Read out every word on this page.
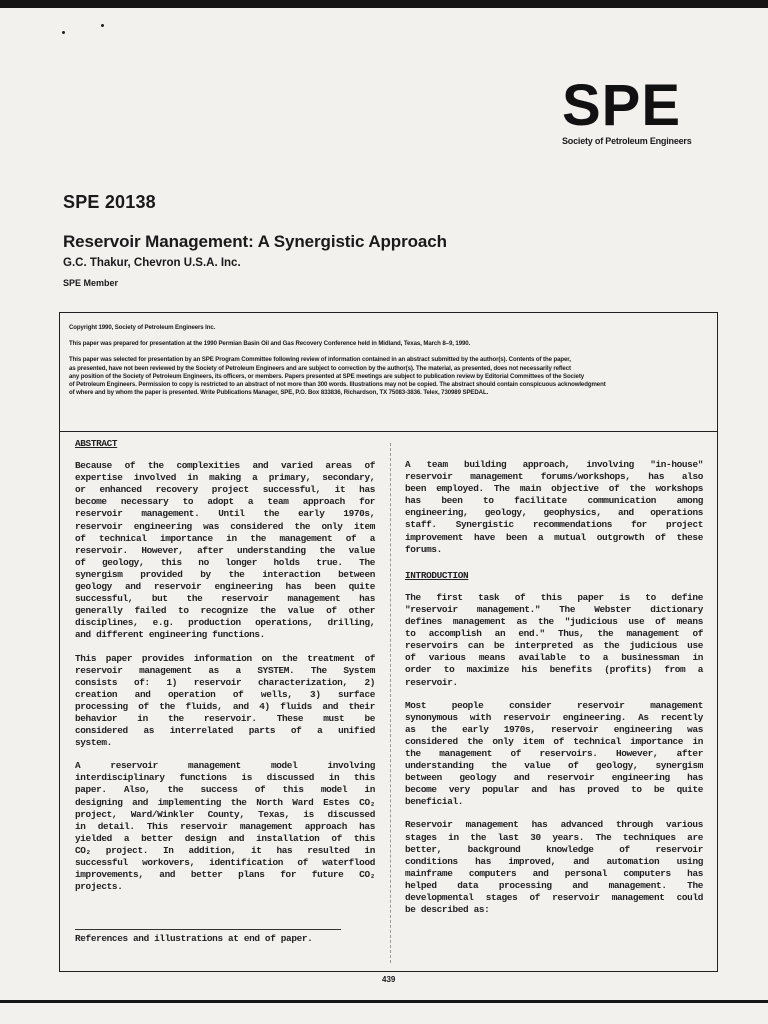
SPE
Society of Petroleum Engineers
SPE 20138
Reservoir Management: A Synergistic Approach
G.C. Thakur, Chevron U.S.A. Inc.
SPE Member

Copyright 1990, Society of Petroleum Engineers Inc.

This paper was prepared for presentation at the 1990 Permian Basin Oil and Gas Recovery Conference held in Midland, Texas, March 8–9, 1990.

This paper was selected for presentation by an SPE Program Committee following review of information contained in an abstract submitted by the author(s). Contents of the paper,
as presented, have not been reviewed by the Society of Petroleum Engineers and are subject to correction by the author(s). The material, as presented, does not necessarily reflect
any position of the Society of Petroleum Engineers, its officers, or members. Papers presented at SPE meetings are subject to publication review by Editorial Committees of the Society
of Petroleum Engineers. Permission to copy is restricted to an abstract of not more than 300 words. Illustrations may not be copied. The abstract should contain conspicuous acknowledgment
of where and by whom the paper is presented. Write Publications Manager, SPE, P.O. Box 833836, Richardson, TX 75083-3836. Telex, 730989 SPEDAL.

ABSTRACT

Because of the complexities and varied areas of
expertise involved in making a primary, secondary,
or enhanced recovery project successful, it has
become necessary to adopt a team approach for
reservoir management. Until the early 1970s,
reservoir engineering was considered the only item
of technical importance in the management of a
reservoir. However, after understanding the value
of geology, this no longer holds true. The
synergism provided by the interaction between
geology and reservoir engineering has been quite
successful, but the reservoir management has
generally failed to recognize the value of other
disciplines, e.g. production operations, drilling,
and different engineering functions.

This paper provides information on the treatment of
reservoir management as a SYSTEM. The System
consists of: 1) reservoir characterization, 2)
creation and operation of wells, 3) surface
processing of the fluids, and 4) fluids and their
behavior in the reservoir. These must be
considered as interrelated parts of a unified
system.

A reservoir management model involving
interdisciplinary functions is discussed in this
paper. Also, the success of this model in
designing and implementing the North Ward Estes CO₂
project, Ward/Winkler County, Texas, is discussed
in detail. This reservoir management approach has
yielded a better design and installation of this
CO₂ project. In addition, it has resulted in
successful workovers, identification of waterflood
improvements, and better plans for future CO₂
projects.

References and illustrations at end of paper.

A team building approach, involving "in-house"
reservoir management forums/workshops, has also
been employed. The main objective of the workshops
has been to facilitate communication among
engineering, geology, geophysics, and operations
staff. Synergistic recommendations for project
improvement have been a mutual outgrowth of these
forums.

INTRODUCTION

The first task of this paper is to define
"reservoir management." The Webster dictionary
defines management as the "judicious use of means
to accomplish an end." Thus, the management of
reservoirs can be interpreted as the judicious use
of various means available to a businessman in
order to maximize his benefits (profits) from a
reservoir.

Most people consider reservoir management
synonymous with reservoir engineering. As recently
as the early 1970s, reservoir engineering was
considered the only item of technical importance in
the management of reservoirs. However, after
understanding the value of geology, synergism
between geology and reservoir engineering has
become very popular and has proved to be quite
beneficial.

Reservoir management has advanced through various
stages in the last 30 years. The techniques are
better, background knowledge of reservoir
conditions has improved, and automation using
mainframe computers and personal computers has
helped data processing and management. The
developmental stages of reservoir management could
be described as:

439
